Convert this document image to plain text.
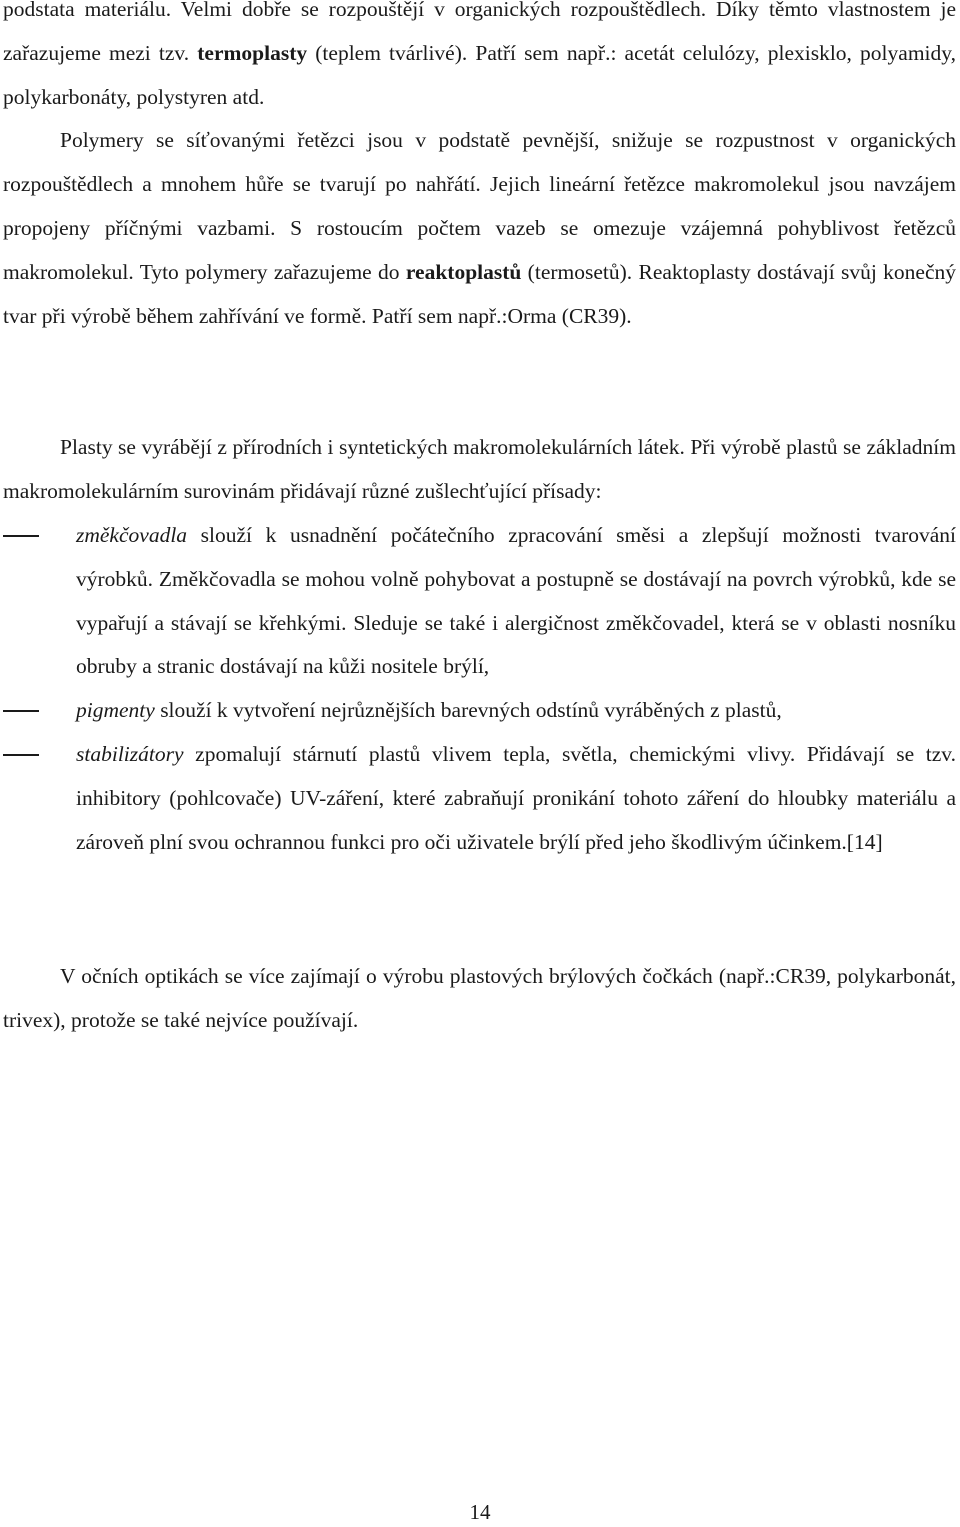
podstata materiálu. Velmi dobře se rozpouštějí v organických rozpouštědlech. Díky těmto vlastnostem je zařazujeme mezi tzv. termoplasty (teplem tvárlivé). Patří sem např.: acetát celulózy, plexisklo, polyamidy, polykarbonáty, polystyren atd.

Polymery se síťovanými řetězci jsou v podstatě pevnější, snižuje se rozpustnost v organických rozpouštědlech a mnohem hůře se tvarují po nahřátí. Jejich lineární řetězce makromolekul jsou navzájem propojeny příčnými vazbami. S rostoucím počtem vazeb se omezuje vzájemná pohyblivost řetězců makromolekul. Tyto polymery zařazujeme do reaktoplastů (termosetů). Reaktoplasty dostávají svůj konečný tvar při výrobě během zahřívání ve formě. Patří sem např.:Orma (CR39).

Plasty se vyrábějí z přírodních i syntetických makromolekulárních látek. Při výrobě plastů se základním makromolekulárním surovinám přidávají různé zušlechťující přísady:

změkčovadla slouží k usnadnění počátečního zpracování směsi a zlepšují možnosti tvarování výrobků. Změkčovadla se mohou volně pohybovat a postupně se dostávají na povrch výrobků, kde se vypařují a stávají se křehkými. Sleduje se také i alergičnost změkčovadel, která se v oblasti nosníku obruby a stranic dostávají na kůži nositele brýlí,
pigmenty slouží k vytvoření nejrůznějších barevných odstínů vyráběných z plastů,
stabilizátory zpomalují stárnutí plastů vlivem tepla, světla, chemickými vlivy. Přidávají se tzv. inhibitory (pohlcovače) UV-záření, které zabraňují pronikání tohoto záření do hloubky materiálu a zároveň plní svou ochrannou funkci pro oči uživatele brýlí před jeho škodlivým účinkem.[14]

V očních optikách se více zajímají o výrobu plastových brýlových čočkách (např.:CR39, polykarbonát, trivex), protože se také nejvíce používají.

14
